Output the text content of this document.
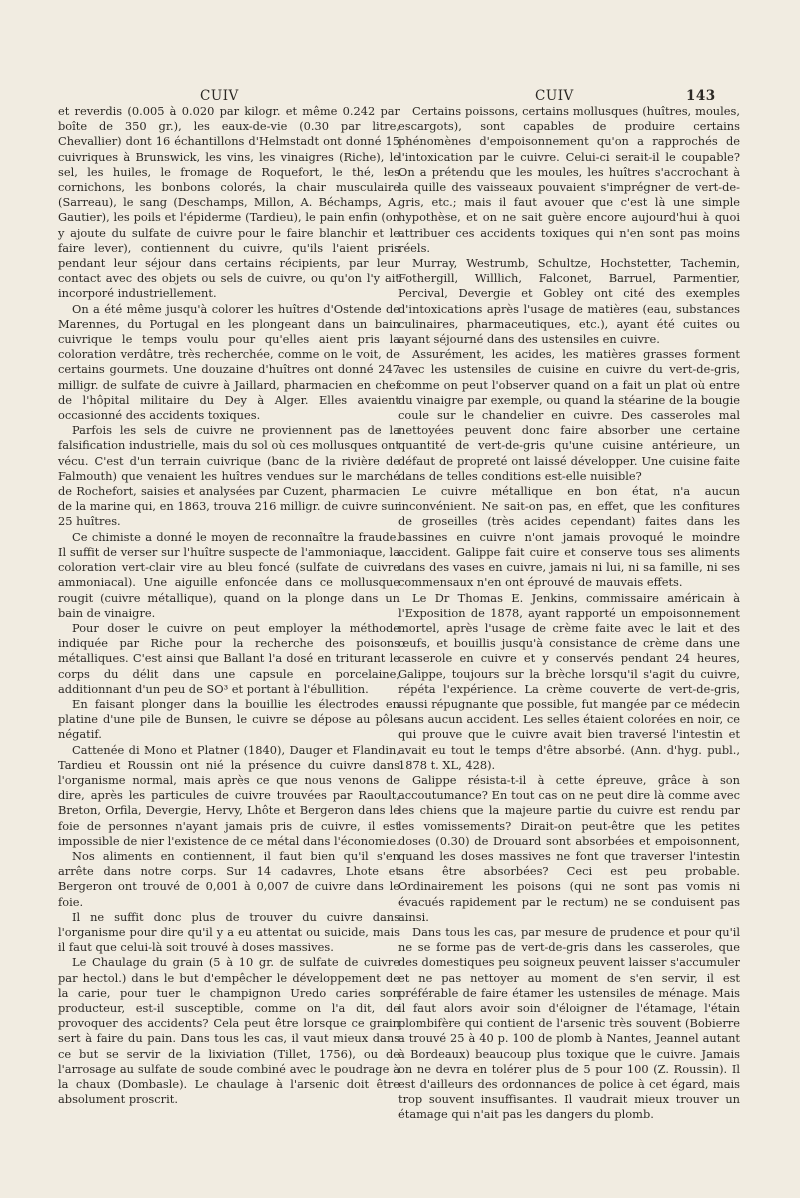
CUIV	CUIV	143

et reverdis (0.005 à 0.020 par kilogr. et même 0.242 par boîte de 350 gr.), les eaux-de-vie (0.30 par litre, Chevallier) dont 16 échantillons d'Helmstadt ont donné 15 cuivriques à Brunswick, les vins, les vinaigres (Riche), le sel, les huiles, le fromage de Roquefort, le thé, les cornichons, les bonbons colorés, la chair musculaire (Sarreau), le sang (Deschamps, Millon, A. Béchamps, A. Gautier), les poils et l'épiderme (Tardieu), le pain enfin (on y ajoute du sulfate de cuivre pour le faire blanchir et le faire lever), contiennent du cuivre, qu'ils l'aient pris pendant leur séjour dans certains récipients, par leur contact avec des objets ou sels de cuivre, ou qu'on l'y ait incorporé industriellement.

On a été même jusqu'à colorer les huîtres d'Ostende de Marennes, du Portugal en les plongeant dans un bain cuivrique le temps voulu pour qu'elles aient pris la coloration verdâtre, très recherchée, comme on le voit, de certains gourmets. Une douzaine d'huîtres ont donné 247 milligr. de sulfate de cuivre à Jaillard, pharmacien en chef de l'hôpital militaire du Dey à Alger. Elles avaient occasionné des accidents toxiques.

Parfois les sels de cuivre ne proviennent pas de la falsification industrielle, mais du sol où ces mollusques ont vécu. C'est d'un terrain cuivrique (banc de la rivière de Falmouth) que venaient les huîtres vendues sur le marché de Rochefort, saisies et analysées par Cuzent, pharmacien de la marine qui, en 1863, trouva 216 milligr. de cuivre sur 25 huîtres.

Ce chimiste a donné le moyen de reconnaître la fraude. Il suffit de verser sur l'huître suspecte de l'ammoniaque, la coloration vert-clair vire au bleu foncé (sulfate de cuivre ammoniacal). Une aiguille enfoncée dans ce mollusque rougit (cuivre métallique), quand on la plonge dans un bain de vinaigre.

Pour doser le cuivre on peut employer la méthode indiquée par Riche pour la recherche des poisons métalliques. C'est ainsi que Ballant l'a dosé en triturant le corps du délit dans une capsule en porcelaine, additionnant d'un peu de SO³ et portant à l'ébullition.

En faisant plonger dans la bouillie les électrodes en platine d'une pile de Bunsen, le cuivre se dépose au pôle négatif.

Cattenée di Mono et Platner (1840), Dauger et Flandin, Tardieu et Roussin ont nié la présence du cuivre dans l'organisme normal, mais après ce que nous venons de dire, après les particules de cuivre trouvées par Raoult, Breton, Orfila, Devergie, Hervy, Lhôte et Bergeron dans le foie de personnes n'ayant jamais pris de cuivre, il est impossible de nier l'existence de ce métal dans l'économie.

Nos aliments en contiennent, il faut bien qu'il s'en arrête dans notre corps. Sur 14 cadavres, Lhote et Bergeron ont trouvé de 0,001 à 0,007 de cuivre dans le foie.

Il ne suffit donc plus de trouver du cuivre dans l'organisme pour dire qu'il y a eu attentat ou suicide, mais il faut que celui-là soit trouvé à doses massives.

Le Chaulage du grain (5 à 10 gr. de sulfate de cuivre par hectol.) dans le but d'empêcher le développement de la carie, pour tuer le champignon Uredo caries son producteur, est-il susceptible, comme on l'a dit, de provoquer des accidents? Cela peut être lorsque ce grain sert à faire du pain. Dans tous les cas, il vaut mieux dans ce but se servir de la lixiviation (Tillet, 1756), ou de l'arrosage au sulfate de soude combiné avec le poudrage à la chaux (Dombasle). Le chaulage à l'arsenic doit être absolument proscrit.

Certains poissons, certains mollusques (huîtres, moules, escargots), sont capables de produire certains phénomènes d'empoisonnement qu'on a rapprochés de l'intoxication par le cuivre. Celui-ci serait-il le coupable? On a prétendu que les moules, les huîtres s'accrochant à la quille des vaisseaux pouvaient s'imprégner de vert-de-gris, etc.; mais il faut avouer que c'est là une simple hypothèse, et on ne sait guère encore aujourd'hui à quoi attribuer ces accidents toxiques qui n'en sont pas moins réels.

Murray, Westrumb, Schultze, Hochstetter, Tachemin, Fothergill, Willlich, Falconet, Barruel, Parmentier, Percival, Devergie et Gobley ont cité des exemples d'intoxications après l'usage de matières (eau, substances culinaires, pharmaceutiques, etc.), ayant été cuites ou ayant séjourné dans des ustensiles en cuivre.

Assurément, les acides, les matières grasses forment avec les ustensiles de cuisine en cuivre du vert-de-gris, comme on peut l'observer quand on a fait un plat où entre du vinaigre par exemple, ou quand la stéarine de la bougie coule sur le chandelier en cuivre. Des casseroles mal nettoyées peuvent donc faire absorber une certaine quantité de vert-de-gris qu'une cuisine antérieure, un défaut de propreté ont laissé développer. Une cuisine faite dans de telles conditions est-elle nuisible?

Le cuivre métallique en bon état, n'a aucun inconvénient. Ne sait-on pas, en effet, que les confitures de groseilles (très acides cependant) faites dans les bassines en cuivre n'ont jamais provoqué le moindre accident. Galippe fait cuire et conserve tous ses aliments dans des vases en cuivre, jamais ni lui, ni sa famille, ni ses commensaux n'en ont éprouvé de mauvais effets.

Le Dr Thomas E. Jenkins, commissaire américain à l'Exposition de 1878, ayant rapporté un empoisonnement mortel, après l'usage de crème faite avec le lait et des œufs, et bouillis jusqu'à consistance de crème dans une casserole en cuivre et y conservés pendant 24 heures, Galippe, toujours sur la brèche lorsqu'il s'agit du cuivre, répéta l'expérience. La crème couverte de vert-de-gris, aussi répugnante que possible, fut mangée par ce médecin sans aucun accident. Les selles étaient colorées en noir, ce qui prouve que le cuivre avait bien traversé l'intestin et avait eu tout le temps d'être absorbé. (Ann. d'hyg. publ., 1878 t. XL, 428).

Galippe résista-t-il à cette épreuve, grâce à son accoutumance? En tout cas on ne peut dire là comme avec les chiens que la majeure partie du cuivre est rendu par les vomissements? Dirait-on peut-être que les petites doses (0.30) de Drouard sont absorbées et empoisonnent, quand les doses massives ne font que traverser l'intestin sans être absorbées? Ceci est peu probable. Ordinairement les poisons (qui ne sont pas vomis ni évacués rapidement par le rectum) ne se conduisent pas ainsi.

Dans tous les cas, par mesure de prudence et pour qu'il ne se forme pas de vert-de-gris dans les casseroles, que des domestiques peu soigneux peuvent laisser s'accumuler et ne pas nettoyer au moment de s'en servir, il est préférable de faire étamer les ustensiles de ménage. Mais il faut alors avoir soin d'éloigner de l'étamage, l'étain plombifère qui contient de l'arsenic très souvent (Bobierre a trouvé 25 à 40 p. 100 de plomb à Nantes, Jeannel autant à Bordeaux) beaucoup plus toxique que le cuivre. Jamais on ne devra en tolérer plus de 5 pour 100 (Z. Roussin). Il est d'ailleurs des ordonnances de police à cet égard, mais trop souvent insuffisantes. Il vaudrait mieux trouver un étamage qui n'ait pas les dangers du plomb.
